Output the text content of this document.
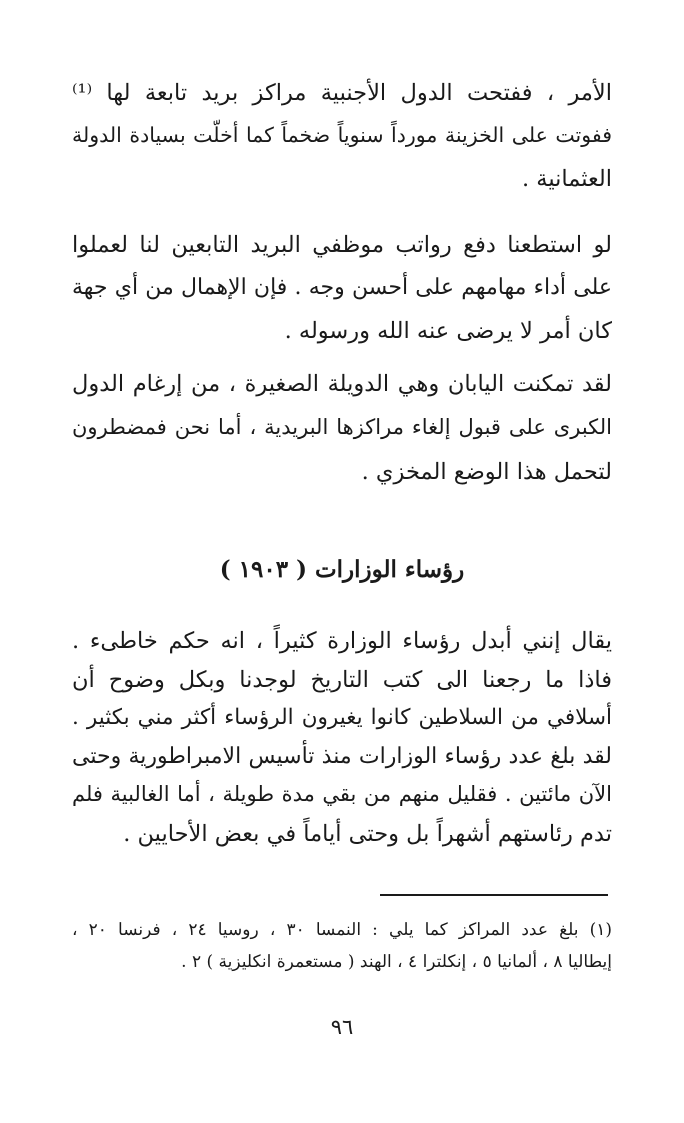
الأمر ، ففتحت الدول الأجنبية مراكز بريد تابعة لها ⁽¹⁾
ففوتت على الخزينة مورداً سنوياً ضخماً كما أخلّت بسيادة الدولة
العثمانية .
لو استطعنا دفع رواتب موظفي البريد التابعين لنا لعملوا
على أداء مهامهم على أحسن وجه . فإن الإهمال من أي جهة
كان أمر لا يرضى عنه الله ورسوله .
لقد تمكنت اليابان وهي الدويلة الصغيرة ، من إرغام الدول
الكبرى على قبول إلغاء مراكزها البريدية ، أما نحن فمضطرون
لتحمل هذا الوضع المخزي .
رؤساء الوزارات ( ١٩٠٣ )
يقال إنني أبدل رؤساء الوزارة كثيراً ، انه حكم خاطىء .
فاذا ما رجعنا الى كتب التاريخ لوجدنا وبكل وضوح أن
أسلافي من السلاطين كانوا يغيرون الرؤساء أكثر مني بكثير .
لقد بلغ عدد رؤساء الوزارات منذ تأسيس الامبراطورية وحتى
الآن مائتين . فقليل منهم من بقي مدة طويلة ، أما الغالبية فلم
تدم رئاستهم أشهراً بل وحتى أياماً في بعض الأحايين .
(١) بلغ عدد المراكز كما يلي : النمسا ٣٠ ، روسيا ٢٤ ، فرنسا ٢٠ ،
إيطاليا ٨ ، ألمانيا ٥ ، إنكلترا ٤ ، الهند ( مستعمرة انكليزية ) ٢ .
٩٦
